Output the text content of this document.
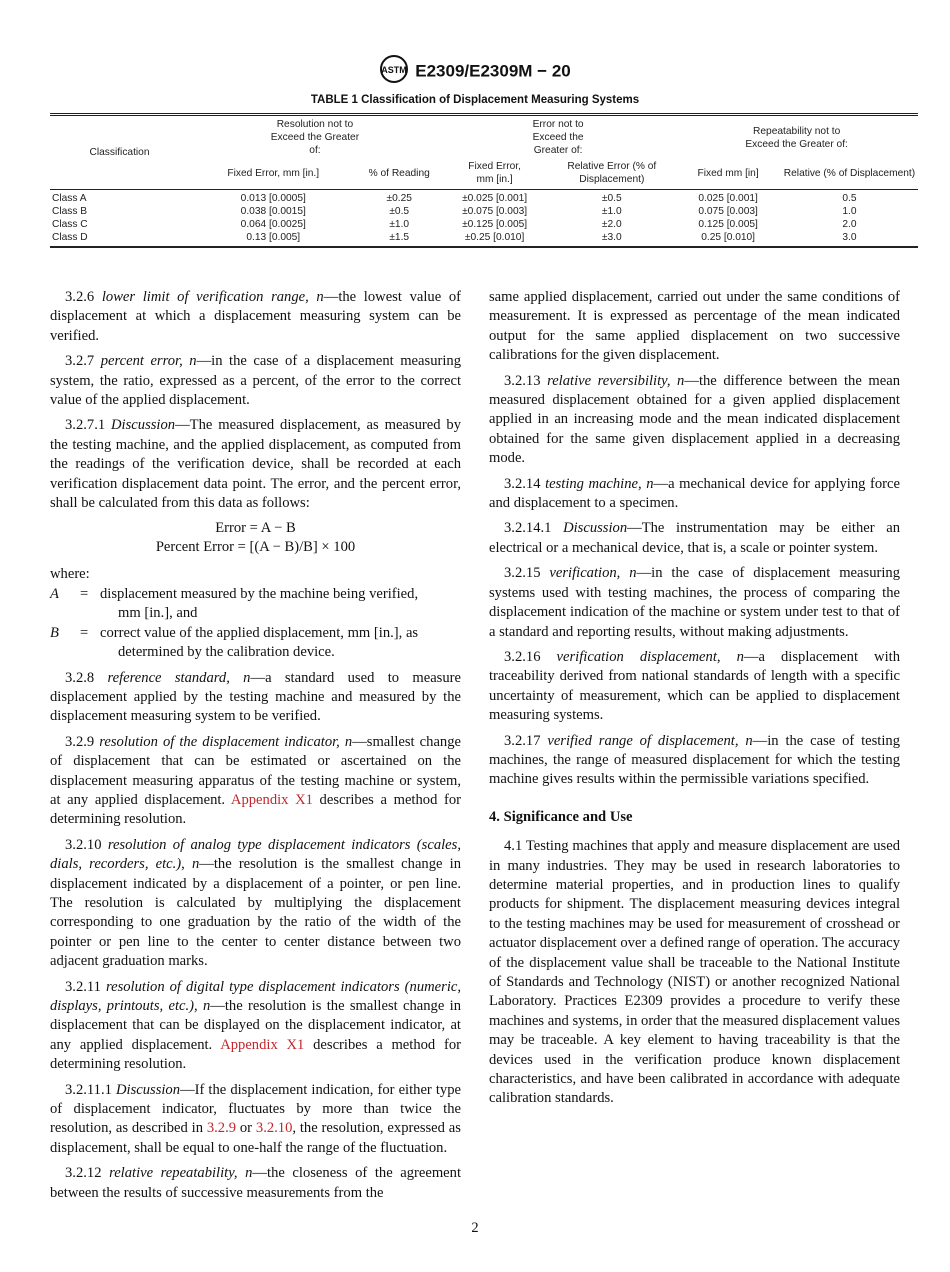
ASTM E2309/E2309M − 20
TABLE 1 Classification of Displacement Measuring Systems
Classification	Resolution not to Exceed the Greater of:		Error not to Exceed the Greater of:		Repeatability not to Exceed the Greater of:	
	Fixed Error, mm [in.]	% of Reading	Fixed Error, mm [in.]	Relative Error (% of Displacement)	Fixed mm [in]	Relative (% of Displacement)
Class A	0.013 [0.0005]	±0.25	±0.025 [0.001]	±0.5	0.025 [0.001]	0.5
Class B	0.038 [0.0015]	±0.5	±0.075 [0.003]	±1.0	0.075 [0.003]	1.0
Class C	0.064 [0.0025]	±1.0	±0.125 [0.005]	±2.0	0.125 [0.005]	2.0
Class D	0.13 [0.005]	±1.5	±0.25 [0.010]	±3.0	0.25 [0.010]	3.0

3.2.6 lower limit of verification range, n—the lowest value of displacement at which a displacement measuring system can be verified.

3.2.7 percent error, n—in the case of a displacement measuring system, the ratio, expressed as a percent, of the error to the correct value of the applied displacement.

3.2.7.1 Discussion—The measured displacement, as measured by the testing machine, and the applied displacement, as computed from the readings of the verification device, shall be recorded at each verification displacement data point. The error, and the percent error, shall be calculated from this data as follows:

Error = A − B
Percent Error = [(A − B)/B] × 100
where:
A	= displacement measured by the machine being verified,
mm [in.], and
B	= correct value of the applied displacement, mm [in.], as
determined by the calibration device.

3.2.8 reference standard, n—a standard used to measure displacement applied by the testing machine and measured by the displacement measuring system to be verified.

3.2.9 resolution of the displacement indicator, n—smallest change of displacement that can be estimated or ascertained on the displacement measuring apparatus of the testing machine or system, at any applied displacement. Appendix X1 describes a method for determining resolution.

3.2.10 resolution of analog type displacement indicators (scales, dials, recorders, etc.), n—the resolution is the smallest change in displacement indicated by a displacement of a pointer, or pen line. The resolution is calculated by multiplying the displacement corresponding to one graduation by the ratio of the width of the pointer or pen line to the center to center distance between two adjacent graduation marks.

3.2.11 resolution of digital type displacement indicators (numeric, displays, printouts, etc.), n—the resolution is the smallest change in displacement that can be displayed on the displacement indicator, at any applied displacement. Appendix X1 describes a method for determining resolution.

3.2.11.1 Discussion—If the displacement indication, for either type of displacement indicator, fluctuates by more than twice the resolution, as described in 3.2.9 or 3.2.10, the resolution, expressed as displacement, shall be equal to one-half the range of the fluctuation.

3.2.12 relative repeatability, n—the closeness of the agreement between the results of successive measurements from the

same applied displacement, carried out under the same conditions of measurement. It is expressed as percentage of the mean indicated output for the same applied displacement on two successive calibrations for the given displacement.

3.2.13 relative reversibility, n—the difference between the mean measured displacement obtained for a given applied displacement applied in an increasing mode and the mean indicated displacement obtained for the same given displacement applied in a decreasing mode.

3.2.14 testing machine, n—a mechanical device for applying force and displacement to a specimen.

3.2.14.1 Discussion—The instrumentation may be either an electrical or a mechanical device, that is, a scale or pointer system.

3.2.15 verification, n—in the case of displacement measuring systems used with testing machines, the process of comparing the displacement indication of the machine or system under test to that of a standard and reporting results, without making adjustments.

3.2.16 verification displacement, n—a displacement with traceability derived from national standards of length with a specific uncertainty of measurement, which can be applied to displacement measuring systems.

3.2.17 verified range of displacement, n—in the case of testing machines, the range of measured displacement for which the testing machine gives results within the permissible variations specified.

4. Significance and Use

4.1 Testing machines that apply and measure displacement are used in many industries. They may be used in research laboratories to determine material properties, and in production lines to qualify products for shipment. The displacement measuring devices integral to the testing machines may be used for measurement of crosshead or actuator displacement over a defined range of operation. The accuracy of the displacement value shall be traceable to the National Institute of Standards and Technology (NIST) or another recognized National Laboratory. Practices E2309 provides a procedure to verify these machines and systems, in order that the measured displacement values may be traceable. A key element to having traceability is that the devices used in the verification produce known displacement characteristics, and have been calibrated in accordance with adequate calibration standards.

2
